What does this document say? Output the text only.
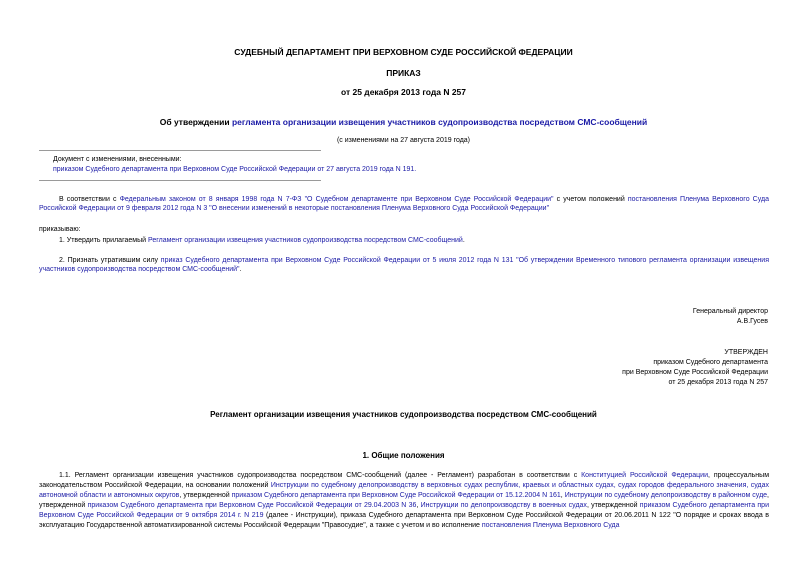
СУДЕБНЫЙ ДЕПАРТАМЕНТ ПРИ ВЕРХОВНОМ СУДЕ РОССИЙСКОЙ ФЕДЕРАЦИИ
ПРИКАЗ
от 25 декабря 2013 года N 257
Об утверждении регламента организации извещения участников судопроизводства посредством СМС-сообщений
(с изменениями на 27 августа 2019 года)
Документ с изменениями, внесенными:
приказом Судебного департамента при Верховном Суде Российской Федерации от 27 августа 2019 года N 191.
В соответствии с Федеральным законом от 8 января 1998 года N 7-ФЗ "О Судебном департаменте при Верховном Суде Российской Федерации" с учетом положений постановления Пленума Верховного Суда Российской Федерации от 9 февраля 2012 года N 3 "О внесении изменений в некоторые постановления Пленума Верховного Суда Российской Федерации"
приказываю:
1. Утвердить прилагаемый Регламент организации извещения участников судопроизводства посредством СМС-сообщений.
2. Признать утратившим силу приказ Судебного департамента при Верховном Суде Российской Федерации от 5 июля 2012 года N 131 "Об утверждении Временного типового регламента организации извещения участников судопроизводства посредством СМС-сообщений".
Генеральный директор
А.В.Гусев
УТВЕРЖДЕН
приказом Судебного департамента
при Верховном Суде Российской Федерации
от 25 декабря 2013 года N 257
Регламент организации извещения участников судопроизводства посредством СМС-сообщений
1. Общие положения
1.1. Регламент организации извещения участников судопроизводства посредством СМС-сообщений (далее - Регламент) разработан в соответствии с Конституцией Российской Федерации, процессуальным законодательством Российской Федерации, на основании положений Инструкции по судебному делопроизводству в верховных судах республик, краевых и областных судах, судах городов федерального значения, судах автономной области и автономных округов, утвержденной приказом Судебного департамента при Верховном Суде Российской Федерации от 15.12.2004 N 161, Инструкции по судебному делопроизводству в районном суде, утвержденной приказом Судебного департамента при Верховном Суде Российской Федерации от 29.04.2003 N 36, Инструкции по делопроизводству в военных судах, утвержденной приказом Судебного департамента при Верховном Суде Российской Федерации от 9 октября 2014 г. N 219 (далее - Инструкции), приказа Судебного департамента при Верховном Суде Российской Федерации от 20.06.2011 N 122 "О порядке и сроках ввода в эксплуатацию Государственной автоматизированной системы Российской Федерации "Правосудие", а также с учетом и во исполнение постановления Пленума Верховного Суда
